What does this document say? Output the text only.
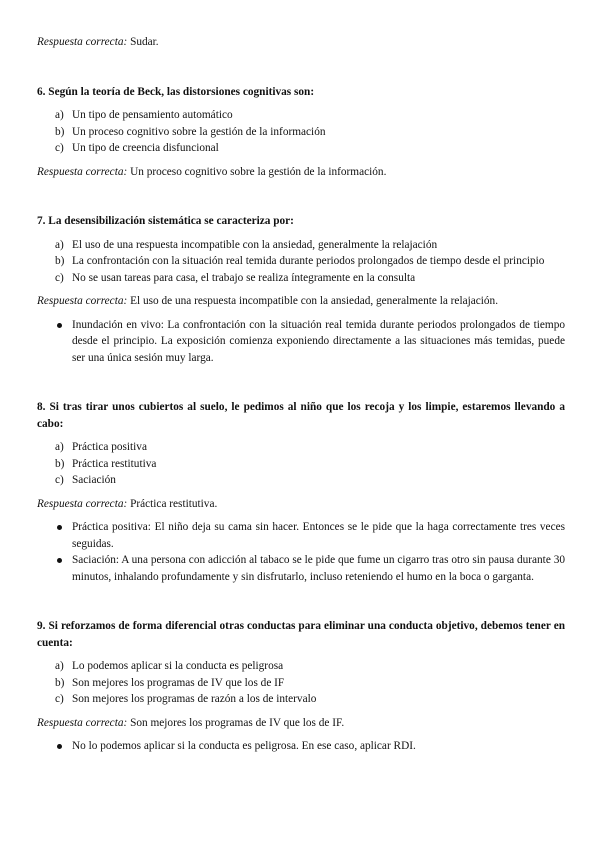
Respuesta correcta: Sudar.

6. Según la teoría de Beck, las distorsiones cognitivas son:

a) Un tipo de pensamiento automático
b) Un proceso cognitivo sobre la gestión de la información
c) Un tipo de creencia disfuncional

Respuesta correcta: Un proceso cognitivo sobre la gestión de la información.

7. La desensibilización sistemática se caracteriza por:

a) El uso de una respuesta incompatible con la ansiedad, generalmente la relajación
b) La confrontación con la situación real temida durante periodos prolongados de tiempo desde el principio
c) No se usan tareas para casa, el trabajo se realiza íntegramente en la consulta

Respuesta correcta: El uso de una respuesta incompatible con la ansiedad, generalmente la relajación.

Inundación en vivo: La confrontación con la situación real temida durante periodos prolongados de tiempo desde el principio. La exposición comienza exponiendo directamente a las situaciones más temidas, puede ser una única sesión muy larga.

8. Si tras tirar unos cubiertos al suelo, le pedimos al niño que los recoja y los limpie, estaremos llevando a cabo:

a) Práctica positiva
b) Práctica restitutiva
c) Saciación

Respuesta correcta: Práctica restitutiva.

Práctica positiva: El niño deja su cama sin hacer. Entonces se le pide que la haga correctamente tres veces seguidas.
Saciación: A una persona con adicción al tabaco se le pide que fume un cigarro tras otro sin pausa durante 30 minutos, inhalando profundamente y sin disfrutarlo, incluso reteniendo el humo en la boca o garganta.

9. Si reforzamos de forma diferencial otras conductas para eliminar una conducta objetivo, debemos tener en cuenta:

a) Lo podemos aplicar si la conducta es peligrosa
b) Son mejores los programas de IV que los de IF
c) Son mejores los programas de razón a los de intervalo

Respuesta correcta: Son mejores los programas de IV que los de IF.

No lo podemos aplicar si la conducta es peligrosa. En ese caso, aplicar RDI.
